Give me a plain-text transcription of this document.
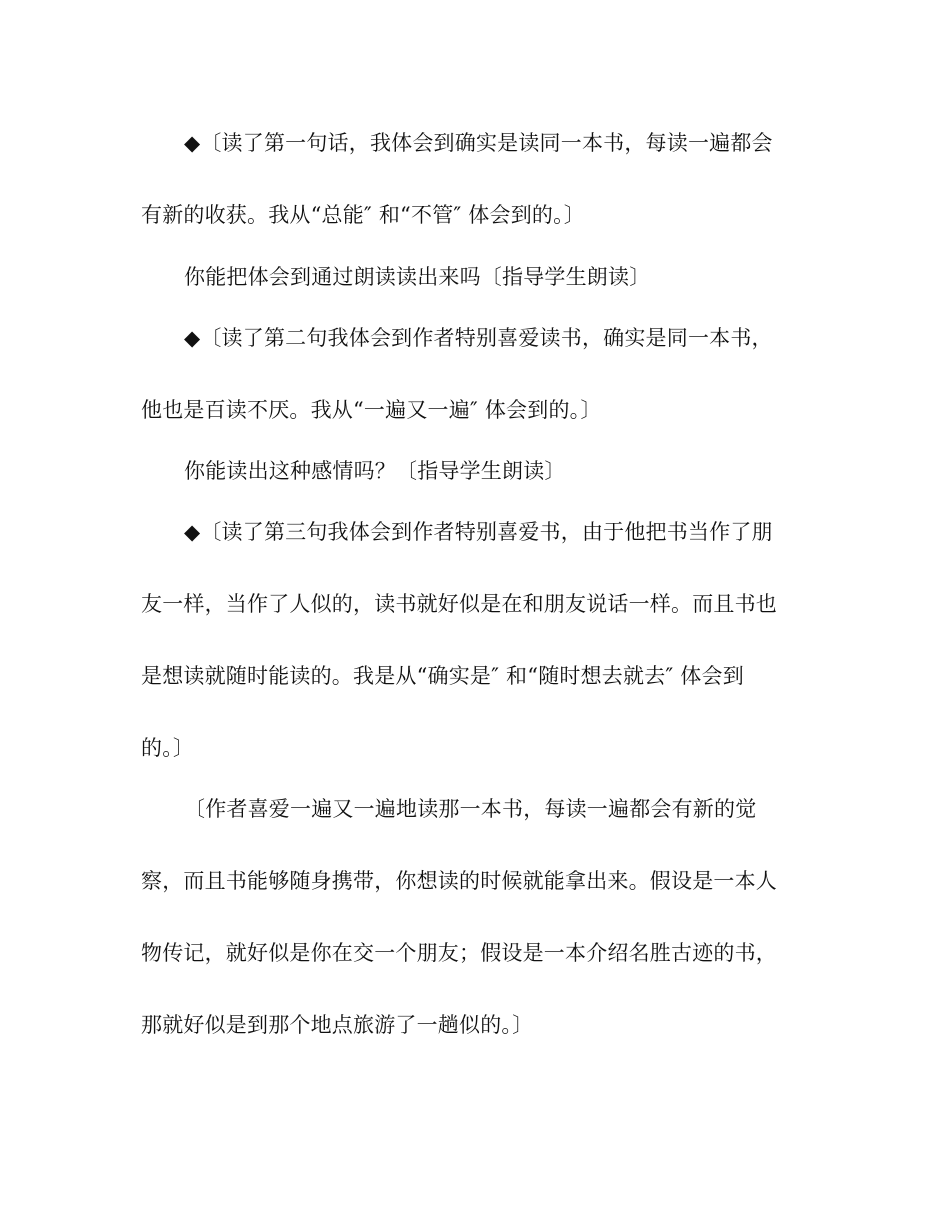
◆〔读了第一句话，我体会到确实是读同一本书，每读一遍都会
有新的收获。我从“总能″ 和“不管″ 体会到的。〕
你能把体会到通过朗读读出来吗〔指导学生朗读〕
◆〔读了第二句我体会到作者特别喜爱读书，确实是同一本书，
他也是百读不厌。我从“一遍又一遍″ 体会到的。〕
你能读出这种感情吗？〔指导学生朗读〕
◆〔读了第三句我体会到作者特别喜爱书，由于他把书当作了朋
友一样，当作了人似的，读书就好似是在和朋友说话一样。而且书也
是想读就随时能读的。我是从“确实是″ 和“随时想去就去″ 体会到
的。〕
〔作者喜爱一遍又一遍地读那一本书，每读一遍都会有新的觉
察，而且书能够随身携带，你想读的时候就能拿出来。假设是一本人
物传记，就好似是你在交一个朋友；假设是一本介绍名胜古迹的书，
那就好似是到那个地点旅游了一趟似的。〕
